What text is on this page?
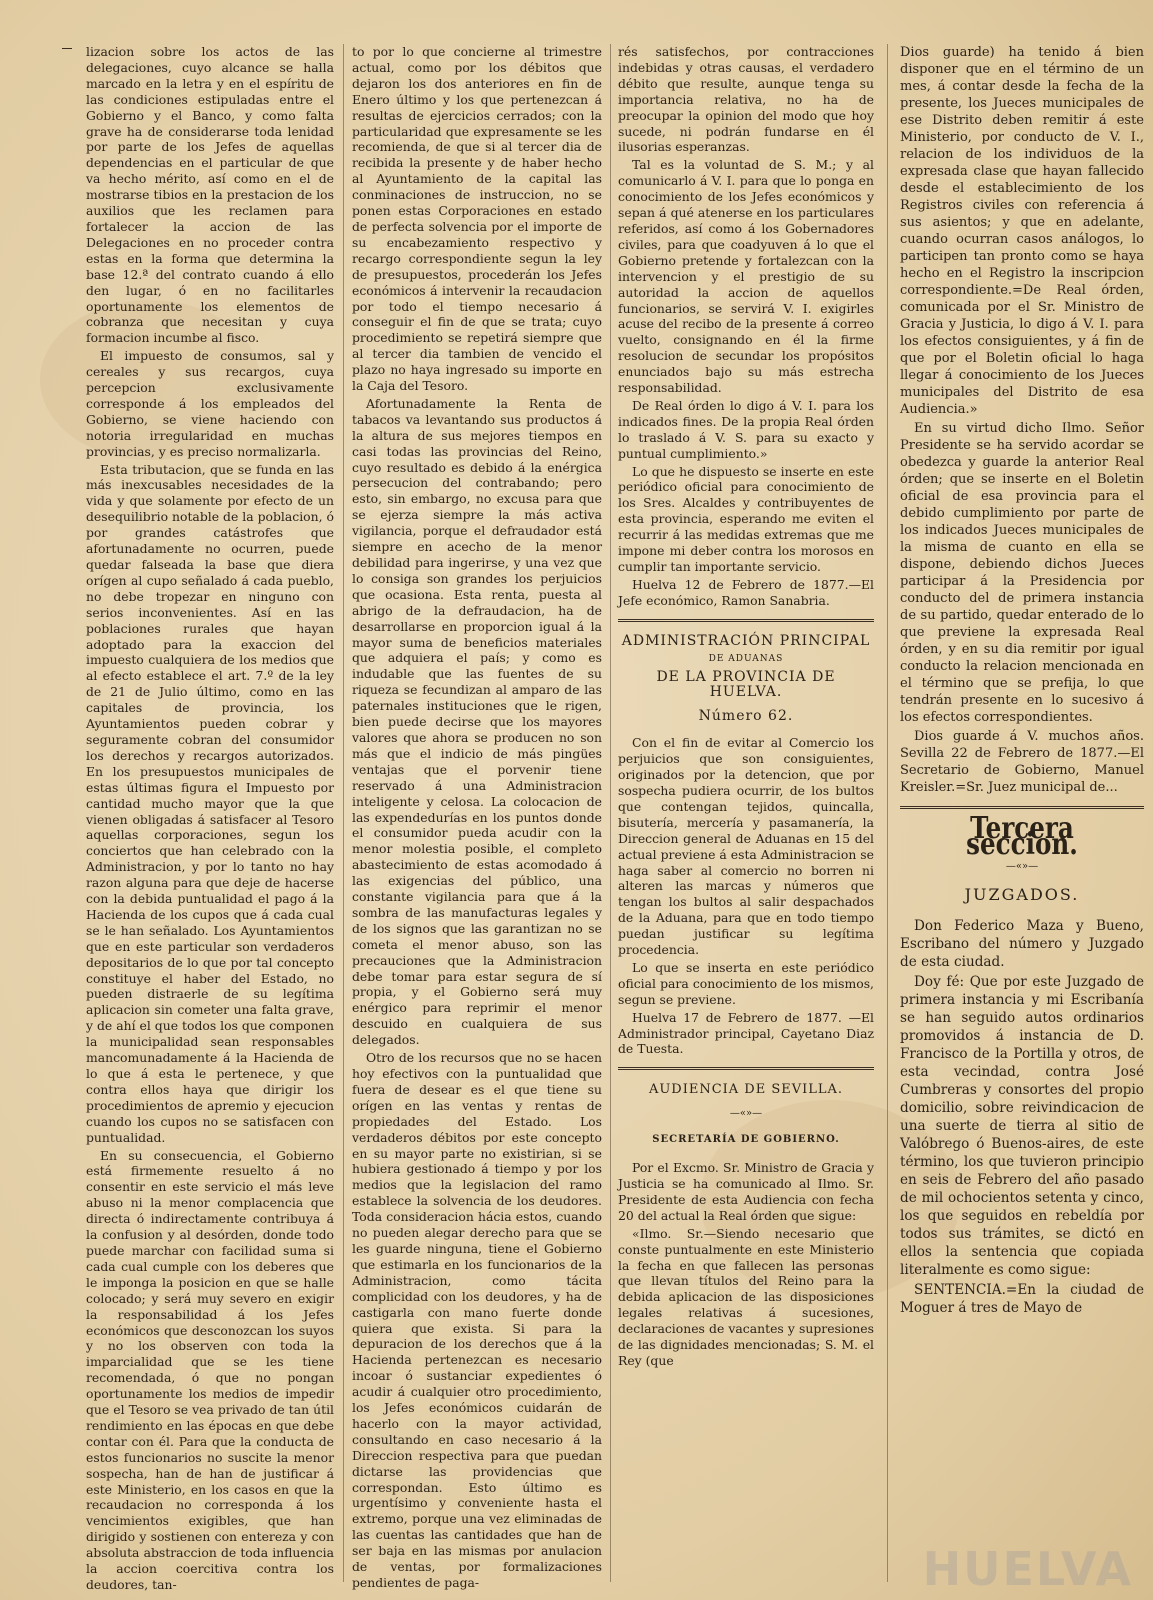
lizacion sobre los actos de las delegaciones, cuyo alcance se halla marcado en la letra y en el espíritu de las condiciones estipuladas entre el Gobierno y el Banco, y como falta grave ha de considerarse toda lenidad por parte de los Jefes de aquellas dependencias en el particular de que va hecho mérito, así como en el de mostrarse tibios en la prestacion de los auxilios que les reclamen para fortalecer la accion de las Delegaciones en no proceder contra estas en la forma que determina la base 12.ª del contrato cuando á ello den lugar, ó en no facilitarles oportunamente los elementos de cobranza que necesitan y cuya formacion incumbe al fisco.

El impuesto de consumos, sal y cereales y sus recargos, cuya percepcion exclusivamente corresponde á los empleados del Gobierno, se viene haciendo con notoria irregularidad en muchas provincias, y es preciso normalizarla.

Esta tributacion, que se funda en las más inexcusables necesidades de la vida y que solamente por efecto de un desequilibrio notable de la poblacion, ó por grandes catástrofes que afortunadamente no ocurren, puede quedar falseada la base que diera orígen al cupo señalado á cada pueblo, no debe tropezar en ninguno con serios inconvenientes. Así en las poblaciones rurales que hayan adoptado para la exaccion del impuesto cualquiera de los medios que al efecto establece el art. 7.º de la ley de 21 de Julio último, como en las capitales de provincia, los Ayuntamientos pueden cobrar y seguramente cobran del consumidor los derechos y recargos autorizados. En los presupuestos municipales de estas últimas figura el Impuesto por cantidad mucho mayor que la que vienen obligadas á satisfacer al Tesoro aquellas corporaciones, segun los conciertos que han celebrado con la Administracion, y por lo tanto no hay razon alguna para que deje de hacerse con la debida puntualidad el pago á la Hacienda de los cupos que á cada cual se le han señalado. Los Ayuntamientos que en este particular son verdaderos depositarios de lo que por tal concepto constituye el haber del Estado, no pueden distraerle de su legítima aplicacion sin cometer una falta grave, y de ahí el que todos los que componen la municipalidad sean responsables mancomunadamente á la Hacienda de lo que á esta le pertenece, y que contra ellos haya que dirigir los procedimientos de apremio y ejecucion cuando los cupos no se satisfacen con puntualidad.

En su consecuencia, el Gobierno está firmemente resuelto á no consentir en este servicio el más leve abuso ni la menor complacencia que directa ó indirectamente contribuya á la confusion y al desórden, donde todo puede marchar con facilidad suma si cada cual cumple con los deberes que le imponga la posicion en que se halle colocado; y será muy severo en exigir la responsabilidad á los Jefes económicos que desconozcan los suyos y no los observen con toda la imparcialidad que se les tiene recomendada, ó que no pongan oportunamente los medios de impedir que el Tesoro se vea privado de tan útil rendimiento en las épocas en que debe contar con él. Para que la conducta de estos funcionarios no suscite la menor sospecha, han de han de justificar á este Ministerio, en los casos en que la recaudacion no corresponda á los vencimientos exigibles, que han dirigido y sostienen con entereza y con absoluta abstraccion de toda influencia la accion coercitiva contra los deudores, tan-

to por lo que concierne al trimestre actual, como por los débitos que dejaron los dos anteriores en fin de Enero último y los que pertenezcan á resultas de ejercicios cerrados; con la particularidad que expresamente se les recomienda, de que si al tercer dia de recibida la presente y de haber hecho al Ayuntamiento de la capital las conminaciones de instruccion, no se ponen estas Corporaciones en estado de perfecta solvencia por el importe de su encabezamiento respectivo y recargo correspondiente segun la ley de presupuestos, procederán los Jefes económicos á intervenir la recaudacion por todo el tiempo necesario á conseguir el fin de que se trata; cuyo procedimiento se repetirá siempre que al tercer dia tambien de vencido el plazo no haya ingresado su importe en la Caja del Tesoro.

Afortunadamente la Renta de tabacos va levantando sus productos á la altura de sus mejores tiempos en casi todas las provincias del Reino, cuyo resultado es debido á la enérgica persecucion del contrabando; pero esto, sin embargo, no excusa para que se ejerza siempre la más activa vigilancia, porque el defraudador está siempre en acecho de la menor debilidad para ingerirse, y una vez que lo consiga son grandes los perjuicios que ocasiona. Esta renta, puesta al abrigo de la defraudacion, ha de desarrollarse en proporcion igual á la mayor suma de beneficios materiales que adquiera el país; y como es indudable que las fuentes de su riqueza se fecundizan al amparo de las paternales instituciones que le rigen, bien puede decirse que los mayores valores que ahora se producen no son más que el indicio de más pingües ventajas que el porvenir tiene reservado á una Administracion inteligente y celosa. La colocacion de las expendedurías en los puntos donde el consumidor pueda acudir con la menor molestia posible, el completo abastecimiento de estas acomodado á las exigencias del público, una constante vigilancia para que á la sombra de las manufacturas legales y de los signos que las garantizan no se cometa el menor abuso, son las precauciones que la Administracion debe tomar para estar segura de sí propia, y el Gobierno será muy enérgico para reprimir el menor descuido en cualquiera de sus delegados.

Otro de los recursos que no se hacen hoy efectivos con la puntualidad que fuera de desear es el que tiene su orígen en las ventas y rentas de propiedades del Estado. Los verdaderos débitos por este concepto en su mayor parte no existirian, si se hubiera gestionado á tiempo y por los medios que la legislacion del ramo establece la solvencia de los deudores. Toda consideracion hácia estos, cuando no pueden alegar derecho para que se les guarde ninguna, tiene el Gobierno que estimarla en los funcionarios de la Administracion, como tácita complicidad con los deudores, y ha de castigarla con mano fuerte donde quiera que exista. Si para la depuracion de los derechos que á la Hacienda pertenezcan es necesario incoar ó sustanciar expedientes ó acudir á cualquier otro procedimiento, los Jefes económicos cuidarán de hacerlo con la mayor actividad, consultando en caso necesario á la Direccion respectiva para que puedan dictarse las providencias que correspondan. Esto último es urgentísimo y conveniente hasta el extremo, porque una vez eliminadas de las cuentas las cantidades que han de ser baja en las mismas por anulacion de ventas, por formalizaciones pendientes de paga-

rés satisfechos, por contracciones indebidas y otras causas, el verdadero débito que resulte, aunque tenga su importancia relativa, no ha de preocupar la opinion del modo que hoy sucede, ni podrán fundarse en él ilusorias esperanzas.

Tal es la voluntad de S. M.; y al comunicarlo á V. I. para que lo ponga en conocimiento de los Jefes económicos y sepan á qué atenerse en los particulares referidos, así como á los Gobernadores civiles, para que coadyuven á lo que el Gobierno pretende y fortalezcan con la intervencion y el prestigio de su autoridad la accion de aquellos funcionarios, se servirá V. I. exigirles acuse del recibo de la presente á correo vuelto, consignando en él la firme resolucion de secundar los propósitos enunciados bajo su más estrecha responsabilidad.

De Real órden lo digo á V. I. para los indicados fines. De la propia Real órden lo traslado á V. S. para su exacto y puntual cumplimiento.»

Lo que he dispuesto se inserte en este periódico oficial para conocimiento de los Sres. Alcaldes y contribuyentes de esta provincia, esperando me eviten el recurrir á las medidas extremas que me impone mi deber contra los morosos en cumplir tan importante servicio.

Huelva 12 de Febrero de 1877.—El Jefe económico, Ramon Sanabria.

ADMINISTRACIÓN PRINCIPAL
DE ADUANAS
DE LA PROVINCIA DE HUELVA.
Número 62.

Con el fin de evitar al Comercio los perjuicios que son consiguientes, originados por la detencion, que por sospecha pudiera ocurrir, de los bultos que contengan tejidos, quincalla, bisutería, mercería y pasamanería, la Direccion general de Aduanas en 15 del actual previene á esta Administracion se haga saber al comercio no borren ni alteren las marcas y números que tengan los bultos al salir despachados de la Aduana, para que en todo tiempo puedan justificar su legítima procedencia.

Lo que se inserta en este periódico oficial para conocimiento de los mismos, segun se previene.

Huelva 17 de Febrero de 1877. —El Administrador principal, Cayetano Diaz de Tuesta.

AUDIENCIA DE SEVILLA.
—«»—
SECRETARÍA DE GOBIERNO.

Por el Excmo. Sr. Ministro de Gracia y Justicia se ha comunicado al Ilmo. Sr. Presidente de esta Audiencia con fecha 20 del actual la Real órden que sigue:

«Ilmo. Sr.—Siendo necesario que conste puntualmente en este Ministerio la fecha en que fallecen las personas que llevan títulos del Reino para la debida aplicacion de las disposiciones legales relativas á sucesiones, declaraciones de vacantes y supresiones de las dignidades mencionadas; S. M. el Rey (que

Dios guarde) ha tenido á bien disponer que en el término de un mes, á contar desde la fecha de la presente, los Jueces municipales de ese Distrito deben remitir á este Ministerio, por conducto de V. I., relacion de los individuos de la expresada clase que hayan fallecido desde el establecimiento de los Registros civiles con referencia á sus asientos; y que en adelante, cuando ocurran casos análogos, lo participen tan pronto como se haya hecho en el Registro la inscripcion correspondiente.=De Real órden, comunicada por el Sr. Ministro de Gracia y Justicia, lo digo á V. I. para los efectos consiguientes, y á fin de que por el Boletin oficial lo haga llegar á conocimiento de los Jueces municipales del Distrito de esa Audiencia.»

En su virtud dicho Ilmo. Señor Presidente se ha servido acordar se obedezca y guarde la anterior Real órden; que se inserte en el Boletin oficial de esa provincia para el debido cumplimiento por parte de los indicados Jueces municipales de la misma de cuanto en ella se dispone, debiendo dichos Jueces participar á la Presidencia por conducto del de primera instancia de su partido, quedar enterado de lo que previene la expresada Real órden, y en su dia remitir por igual conducto la relacion mencionada en el término que se prefija, lo que tendrán presente en lo sucesivo á los efectos correspondientes.

Dios guarde á V. muchos años. Sevilla 22 de Febrero de 1877.—El Secretario de Gobierno, Manuel Kreisler.=Sr. Juez municipal de...

Tercera seccion.
—«»—
JUZGADOS.

Don Federico Maza y Bueno, Escribano del número y Juzgado de esta ciudad.

Doy fé: Que por este Juzgado de primera instancia y mi Escribanía se han seguido autos ordinarios promovidos á instancia de D. Francisco de la Portilla y otros, de esta vecindad, contra José Cumbreras y consortes del propio domicilio, sobre reivindicacion de una suerte de tierra al sitio de Valóbrego ó Buenos-aires, de este término, los que tuvieron principio en seis de Febrero del año pasado de mil ochocientos setenta y cinco, los que seguidos en rebeldía por todos sus trámites, se dictó en ellos la sentencia que copiada literalmente es como sigue:

SENTENCIA.=En la ciudad de Moguer á tres de Mayo de

HUELVA
